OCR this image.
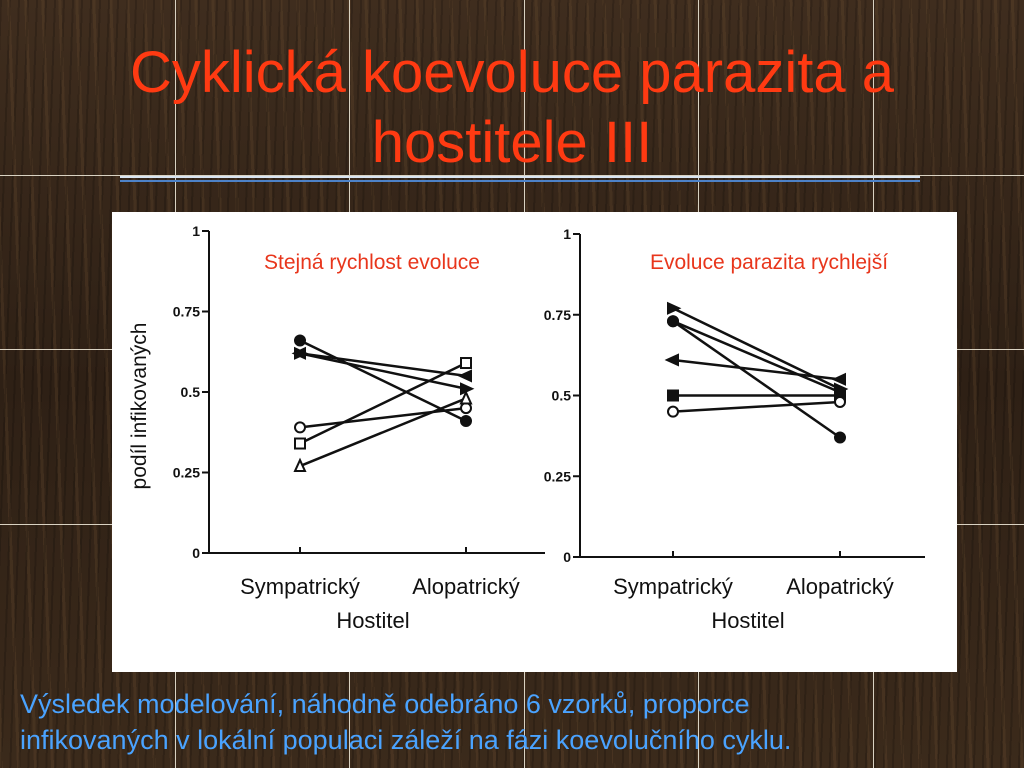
Cyklická koevoluce parazita a
hostitele III
podíl infikovaných
0
0.25
0.5
0.75
1
Sympatrický Alopatrický
Hostitel
Stejná rychlost evoluce
0
0.25
0.5
0.75
1
Sympatrický Alopatrický
Hostitel
Evoluce parazita rychlejší
Výsledek modelování, náhodně odebráno 6 vzorků, proporce
infikovaných v lokální populaci záleží na fázi koevolučního cyklu.
